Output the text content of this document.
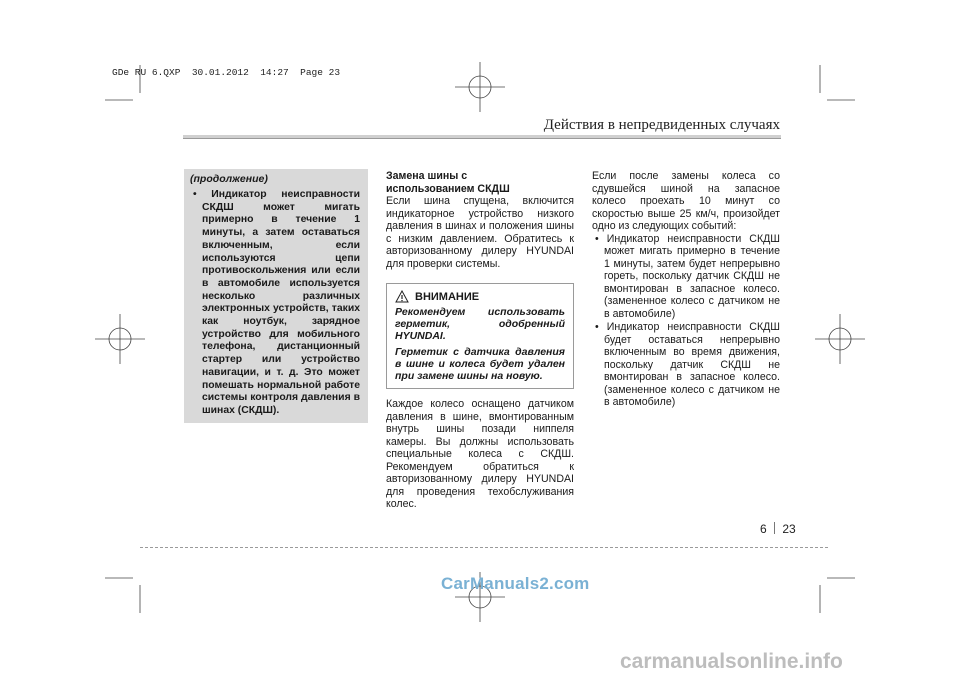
GDe RU 6.QXP  30.01.2012  14:27  Page 23
Действия в непредвиденных случаях

(продолжение)

• Индикатор неисправности СКДШ может мигать примерно в течение 1 минуты, а затем оставаться включенным, если используются цепи противоскольжения или если в автомобиле используется несколько различных электронных устройств, таких как ноутбук, зарядное устройство для мобильного телефона, дистанционный стартер или устройство навигации, и т. д. Это может помешать нормальной работе системы контроля давления в шинах (СКДШ).

Замена шины с

использованием СКДШ

Если шина спущена, включится индикаторное устройство низкого давления в шинах и положения шины с низким давлением. Обратитесь к авторизованному дилеру HYUNDAI для проверки системы.

ВНИМАНИЕ

Рекомендуем использовать герметик, одобренный HYUNDAI.

Герметик с датчика давления в шине и колеса будет удален при замене шины на новую.

Каждое колесо оснащено датчиком давления в шине, вмонтированным внутрь шины позади ниппеля камеры. Вы должны использовать специальные колеса с СКДШ. Рекомендуем обратиться к авторизованному дилеру HYUNDAI для проведения техобслуживания колес.

Если после замены колеса со сдувшейся шиной на запасное колесо проехать 10 минут со скоростью выше 25 км/ч, произойдет одно из следующих событий:

• Индикатор неисправности СКДШ может мигать примерно в течение 1 минуты, затем будет непрерывно гореть, поскольку датчик СКДШ не вмонтирован в запасное колесо. (замененное колесо с датчиком не в автомобиле)

• Индикатор неисправности СКДШ будет оставаться непрерывно включенным во время движения, поскольку датчик СКДШ не вмонтирован в запасное колесо. (замененное колесо с датчиком не в автомобиле)

6 23
CarManuals2.com
carmanualsonline.info
